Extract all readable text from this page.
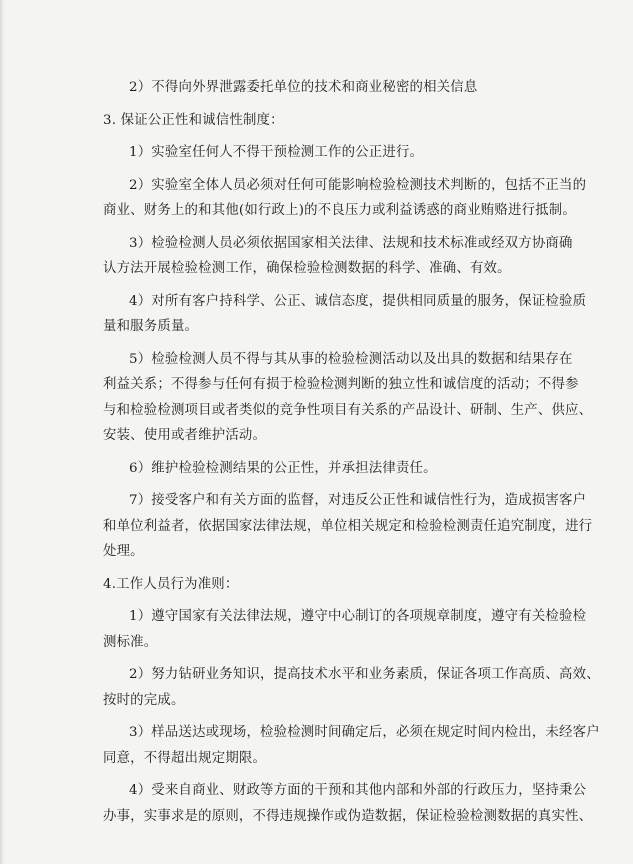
2）不得向外界泄露委托单位的技术和商业秘密的相关信息

3. 保证公正性和诚信性制度：

1）实验室任何人不得干预检测工作的公正进行。

2）实验室全体人员必须对任何可能影响检验检测技术判断的，包括不正当的
商业、财务上的和其他(如行政上)的不良压力或利益诱惑的商业贿赂进行抵制。

3）检验检测人员必须依据国家相关法律、法规和技术标准或经双方协商确
认方法开展检验检测工作，确保检验检测数据的科学、准确、有效。

4）对所有客户持科学、公正、诚信态度，提供相同质量的服务，保证检验质
量和服务质量。

5）检验检测人员不得与其从事的检验检测活动以及出具的数据和结果存在
利益关系；不得参与任何有损于检验检测判断的独立性和诚信度的活动；不得参
与和检验检测项目或者类似的竞争性项目有关系的产品设计、研制、生产、供应、
安装、使用或者维护活动。

6）维护检验检测结果的公正性，并承担法律责任。

7）接受客户和有关方面的监督，对违反公正性和诚信性行为，造成损害客户
和单位利益者，依据国家法律法规，单位相关规定和检验检测责任追究制度，进行
处理。

4.工作人员行为准则：

1）遵守国家有关法律法规，遵守中心制订的各项规章制度，遵守有关检验检
测标准。

2）努力钻研业务知识，提高技术水平和业务素质，保证各项工作高质、高效、
按时的完成。

3）样品送达或现场，检验检测时间确定后，必须在规定时间内检出，未经客户
同意，不得超出规定期限。

4）受来自商业、财政等方面的干预和其他内部和外部的行政压力，坚持秉公
办事，实事求是的原则，不得违规操作或伪造数据，保证检验检测数据的真实性、
